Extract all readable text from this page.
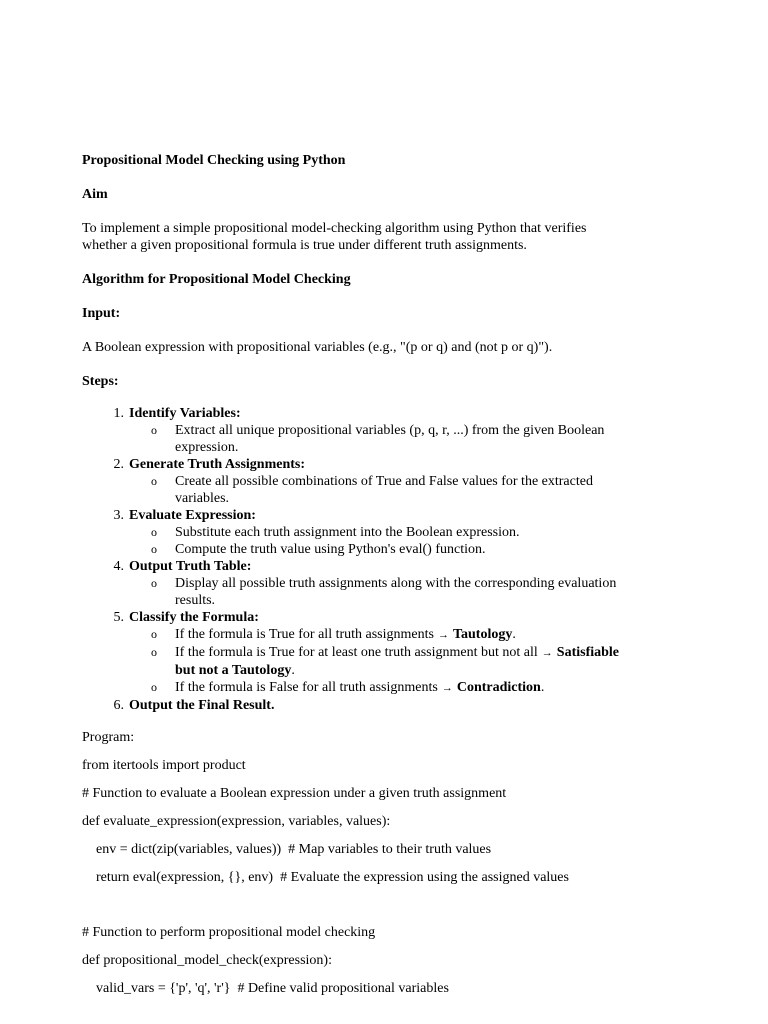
Propositional Model Checking using Python
Aim
To implement a simple propositional model-checking algorithm using Python that verifies
whether a given propositional formula is true under different truth assignments.
Algorithm for Propositional Model Checking
Input:
A Boolean expression with propositional variables (e.g., "(p or q) and (not p or q)").
Steps:
1. Identify Variables:
o Extract all unique propositional variables (p, q, r, ...) from the given Boolean
expression.
2. Generate Truth Assignments:
o Create all possible combinations of True and False values for the extracted
variables.
3. Evaluate Expression:
o Substitute each truth assignment into the Boolean expression.
o Compute the truth value using Python's eval() function.
4. Output Truth Table:
o Display all possible truth assignments along with the corresponding evaluation
results.
5. Classify the Formula:
o If the formula is True for all truth assignments → Tautology.
o If the formula is True for at least one truth assignment but not all → Satisfiable
but not a Tautology.
o If the formula is False for all truth assignments → Contradiction.
6. Output the Final Result.
Program:
from itertools import product
# Function to evaluate a Boolean expression under a given truth assignment
def evaluate_expression(expression, variables, values):
env = dict(zip(variables, values))  # Map variables to their truth values
return eval(expression, {}, env)  # Evaluate the expression using the assigned values
# Function to perform propositional model checking
def propositional_model_check(expression):
valid_vars = {'p', 'q', 'r'}  # Define valid propositional variables
